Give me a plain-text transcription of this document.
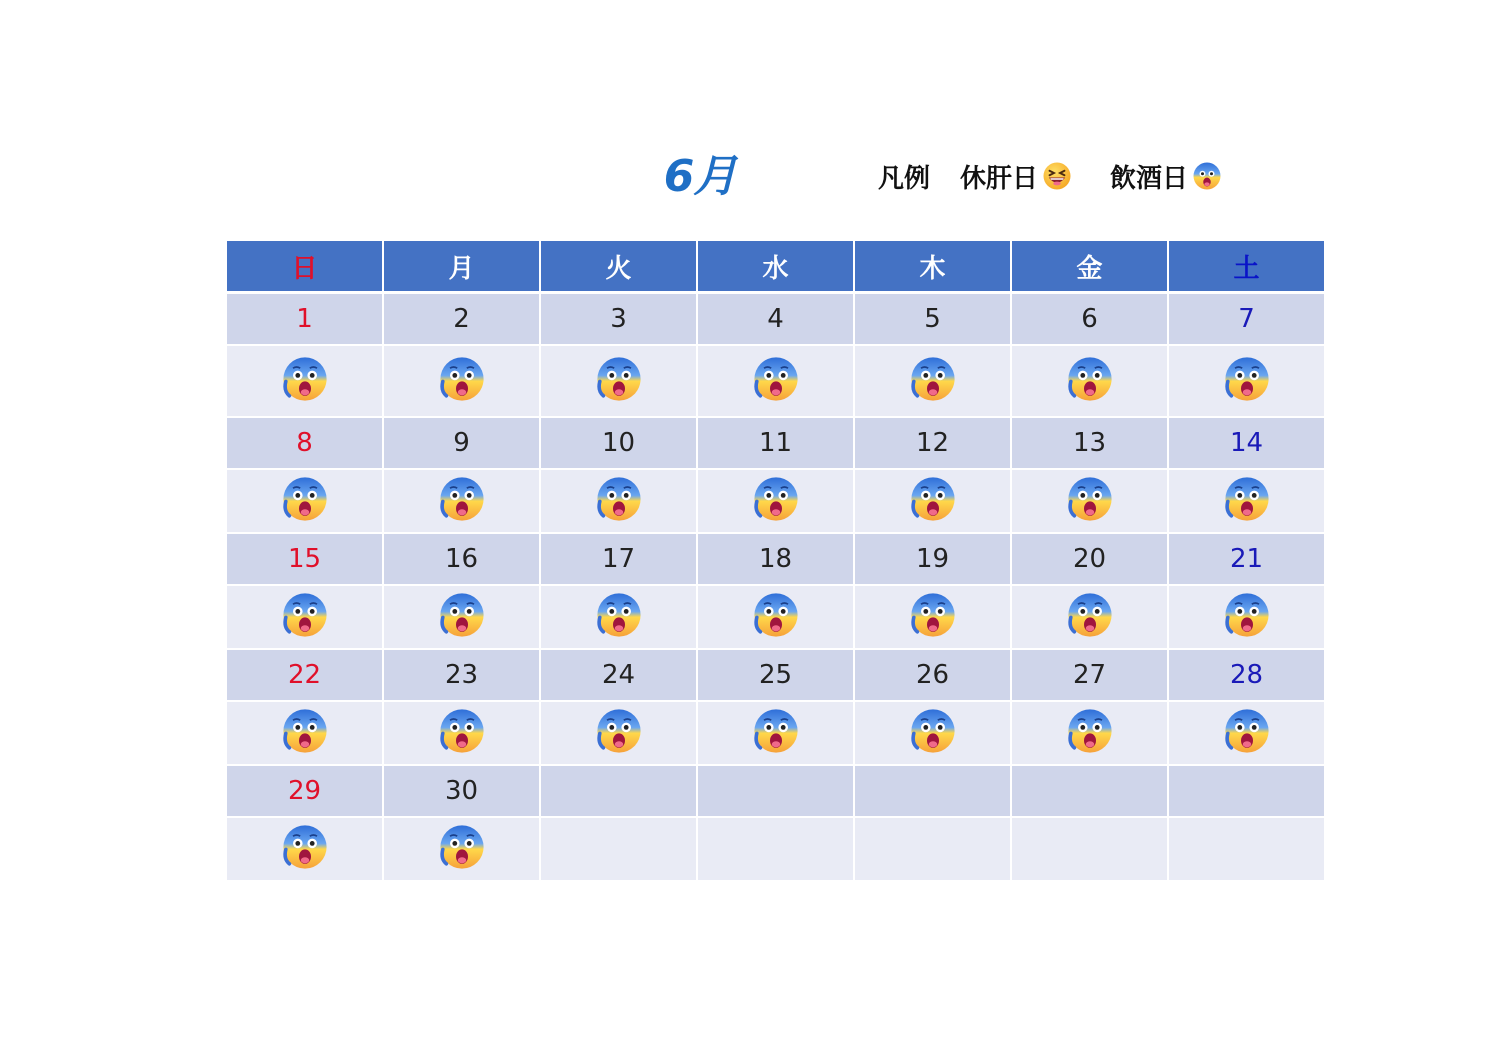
6月	凡例 休肝日	飲酒日
日	月	火	水	木	金	土
1	2	3	4	5	6	7

8	9	10	11	12	13	14

15	16	17	18	19	20	21

22	23	24	25	26	27	28

29	30					
